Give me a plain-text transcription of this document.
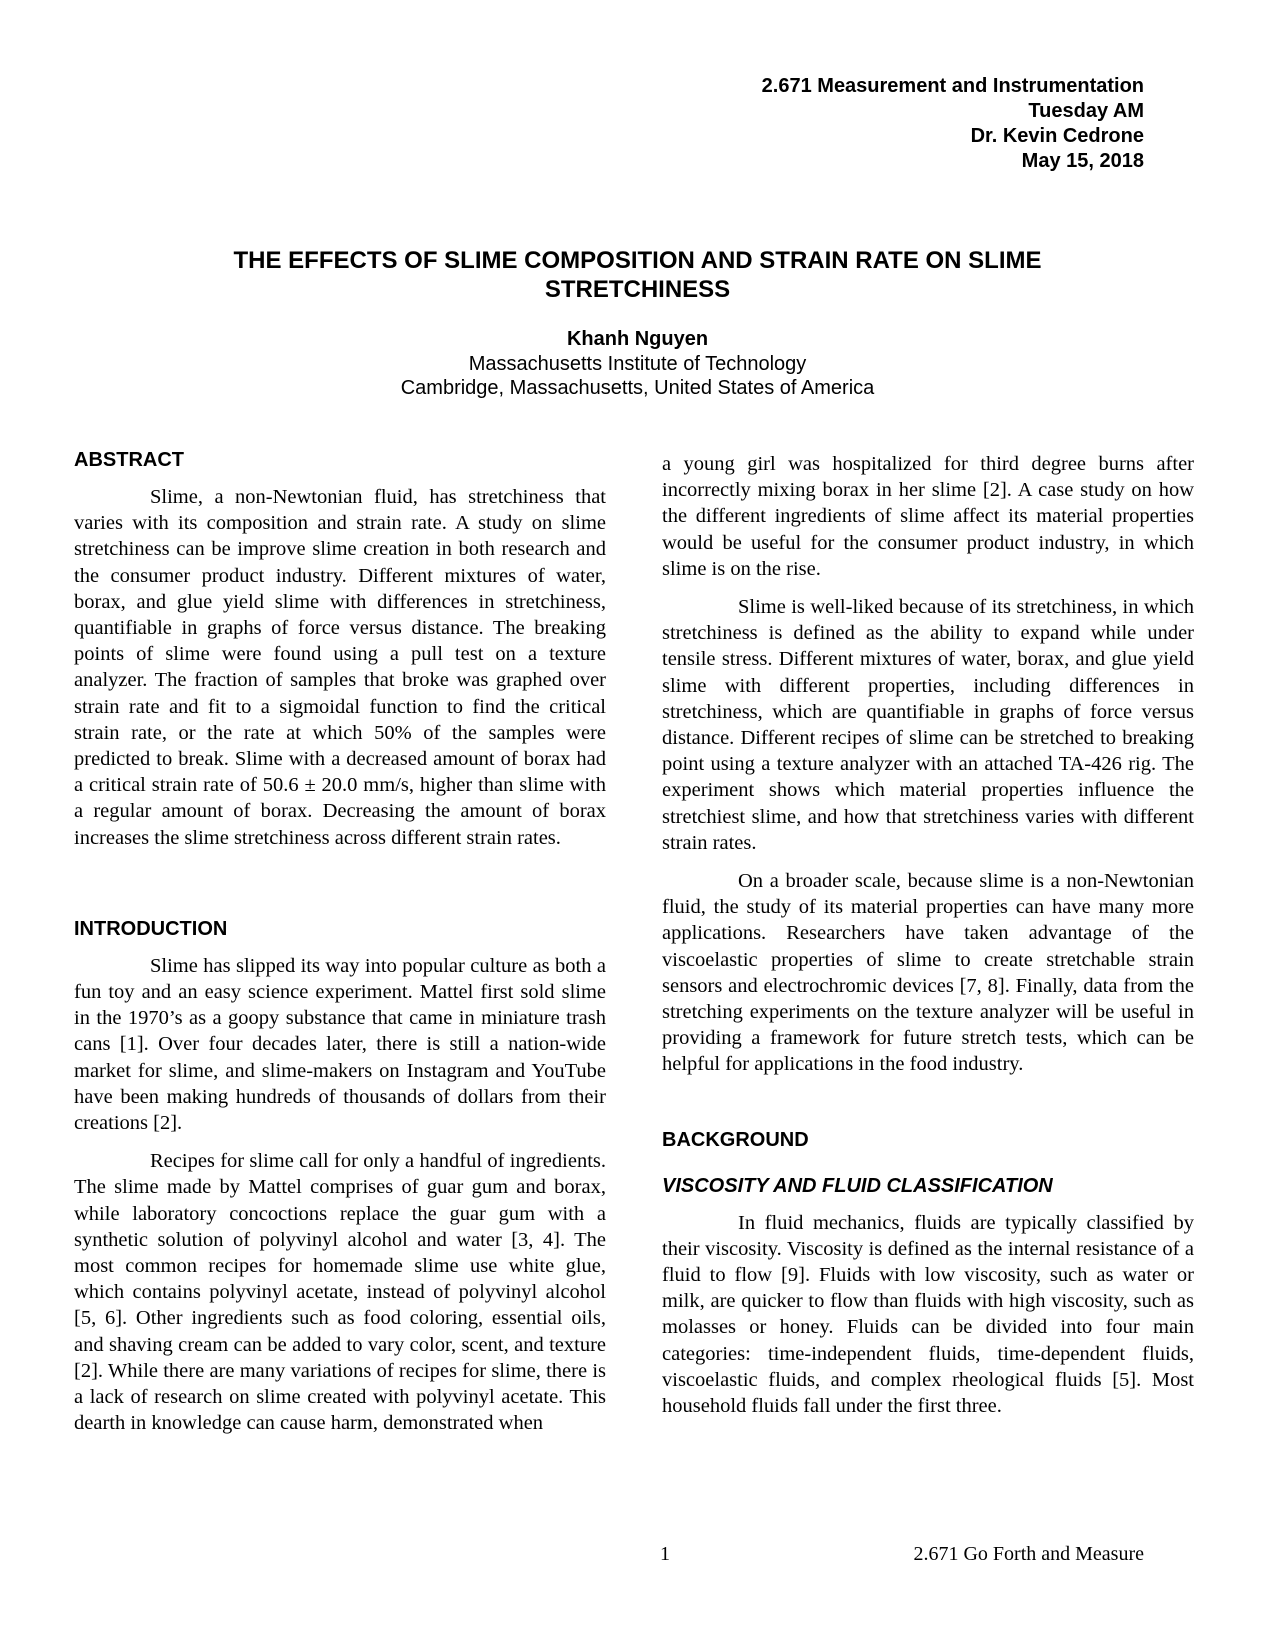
2.671 Measurement and Instrumentation
Tuesday AM
Dr. Kevin Cedrone
May 15, 2018
THE EFFECTS OF SLIME COMPOSITION AND STRAIN RATE ON SLIME STRETCHINESS
Khanh Nguyen
Massachusetts Institute of Technology
Cambridge, Massachusetts, United States of America
ABSTRACT

Slime, a non-Newtonian fluid, has stretchiness that varies with its composition and strain rate. A study on slime stretchiness can be improve slime creation in both research and the consumer product industry. Different mixtures of water, borax, and glue yield slime with differences in stretchiness, quantifiable in graphs of force versus distance. The breaking points of slime were found using a pull test on a texture analyzer. The fraction of samples that broke was graphed over strain rate and fit to a sigmoidal function to find the critical strain rate, or the rate at which 50% of the samples were predicted to break. Slime with a decreased amount of borax had a critical strain rate of 50.6 ± 20.0 mm/s, higher than slime with a regular amount of borax. Decreasing the amount of borax increases the slime stretchiness across different strain rates.

INTRODUCTION

Slime has slipped its way into popular culture as both a fun toy and an easy science experiment. Mattel first sold slime in the 1970’s as a goopy substance that came in miniature trash cans [1]. Over four decades later, there is still a nation-wide market for slime, and slime-makers on Instagram and YouTube have been making hundreds of thousands of dollars from their creations [2].

Recipes for slime call for only a handful of ingredients. The slime made by Mattel comprises of guar gum and borax, while laboratory concoctions replace the guar gum with a synthetic solution of polyvinyl alcohol and water [3, 4]. The most common recipes for homemade slime use white glue, which contains polyvinyl acetate, instead of polyvinyl alcohol [5, 6]. Other ingredients such as food coloring, essential oils, and shaving cream can be added to vary color, scent, and texture [2]. While there are many variations of recipes for slime, there is a lack of research on slime created with polyvinyl acetate. This dearth in knowledge can cause harm, demonstrated when

a young girl was hospitalized for third degree burns after incorrectly mixing borax in her slime [2]. A case study on how the different ingredients of slime affect its material properties would be useful for the consumer product industry, in which slime is on the rise.

Slime is well-liked because of its stretchiness, in which stretchiness is defined as the ability to expand while under tensile stress. Different mixtures of water, borax, and glue yield slime with different properties, including differences in stretchiness, which are quantifiable in graphs of force versus distance. Different recipes of slime can be stretched to breaking point using a texture analyzer with an attached TA-426 rig. The experiment shows which material properties influence the stretchiest slime, and how that stretchiness varies with different strain rates.

On a broader scale, because slime is a non-Newtonian fluid, the study of its material properties can have many more applications. Researchers have taken advantage of the viscoelastic properties of slime to create stretchable strain sensors and electrochromic devices [7, 8]. Finally, data from the stretching experiments on the texture analyzer will be useful in providing a framework for future stretch tests, which can be helpful for applications in the food industry.

BACKGROUND
VISCOSITY AND FLUID CLASSIFICATION

In fluid mechanics, fluids are typically classified by their viscosity. Viscosity is defined as the internal resistance of a fluid to flow [9]. Fluids with low viscosity, such as water or milk, are quicker to flow than fluids with high viscosity, such as molasses or honey. Fluids can be divided into four main categories: time-independent fluids, time-dependent fluids, viscoelastic fluids, and complex rheological fluids [5]. Most household fluids fall under the first three.

1	2.671 Go Forth and Measure
